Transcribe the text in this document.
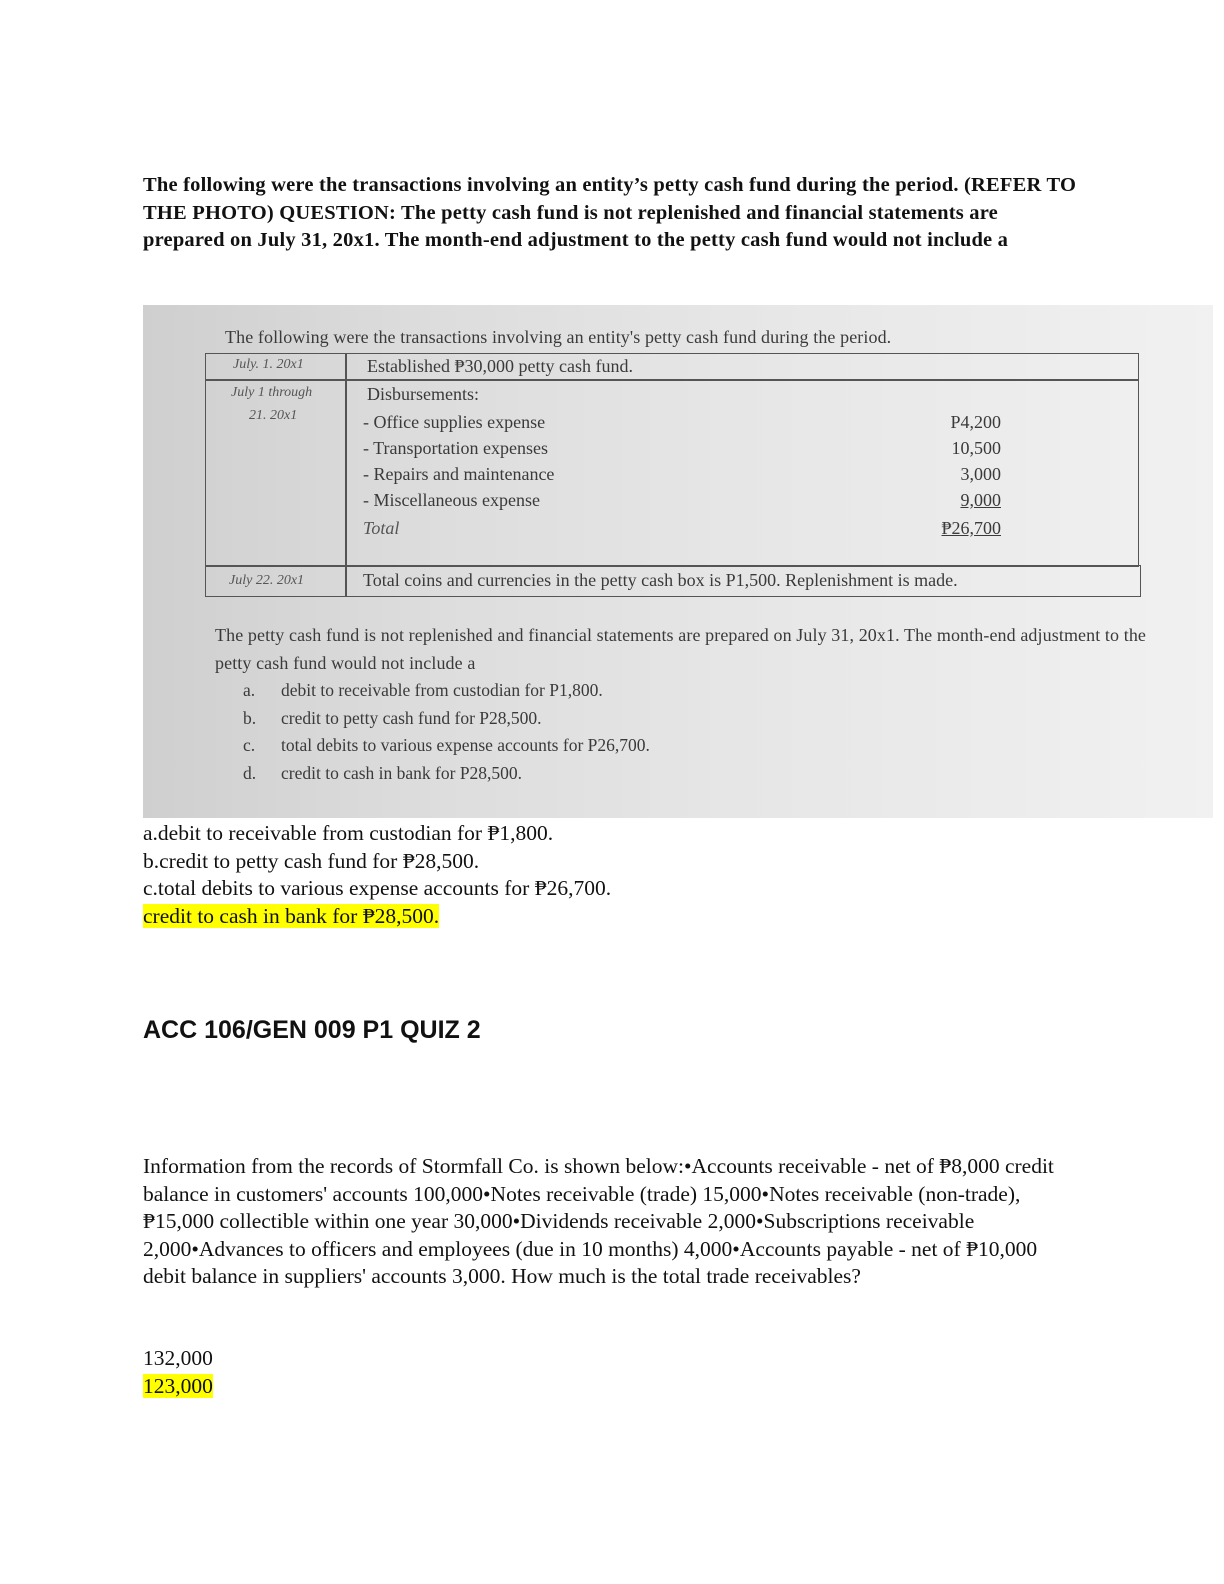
The following were the transactions involving an entity’s petty cash fund during the period. (REFER TO THE PHOTO) QUESTION: The petty cash fund is not replenished and financial statements are prepared on July 31, 20x1. The month-end adjustment to the petty cash fund would not include a

The following were the transactions involving an entity's petty cash fund during the period.
July. 1. 20x1	Established ₱30,000 petty cash fund.
July 1 through
21. 20x1
Disbursements:
- Office supplies expense
- Transportation expenses
- Repairs and maintenance
- Miscellaneous expense
Total
P4,200
10,500
3,000
9,000
₱26,700
July 22. 20x1	Total coins and currencies in the petty cash box is P1,500. Replenishment is made.
The petty cash fund is not replenished and financial statements are prepared on July 31, 20x1. The month-end adjustment to the petty cash fund would not include a
a. debit to receivable from custodian for P1,800.
b. credit to petty cash fund for P28,500.
c. total debits to various expense accounts for P26,700.
d. credit to cash in bank for P28,500.
a.debit to receivable from custodian for ₱1,800.
b.credit to petty cash fund for ₱28,500.
c.total debits to various expense accounts for ₱26,700.
credit to cash in bank for ₱28,500.
ACC 106/GEN 009 P1 QUIZ 2
Information from the records of Stormfall Co. is shown below:•Accounts receivable - net of ₱8,000 credit balance in customers' accounts 100,000•Notes receivable (trade) 15,000•Notes receivable (non-trade), ₱15,000 collectible within one year 30,000•Dividends receivable 2,000•Subscriptions receivable 2,000•Advances to officers and employees (due in 10 months) 4,000•Accounts payable - net of ₱10,000 debit balance in suppliers' accounts 3,000. How much is the total trade receivables?
132,000
123,000
